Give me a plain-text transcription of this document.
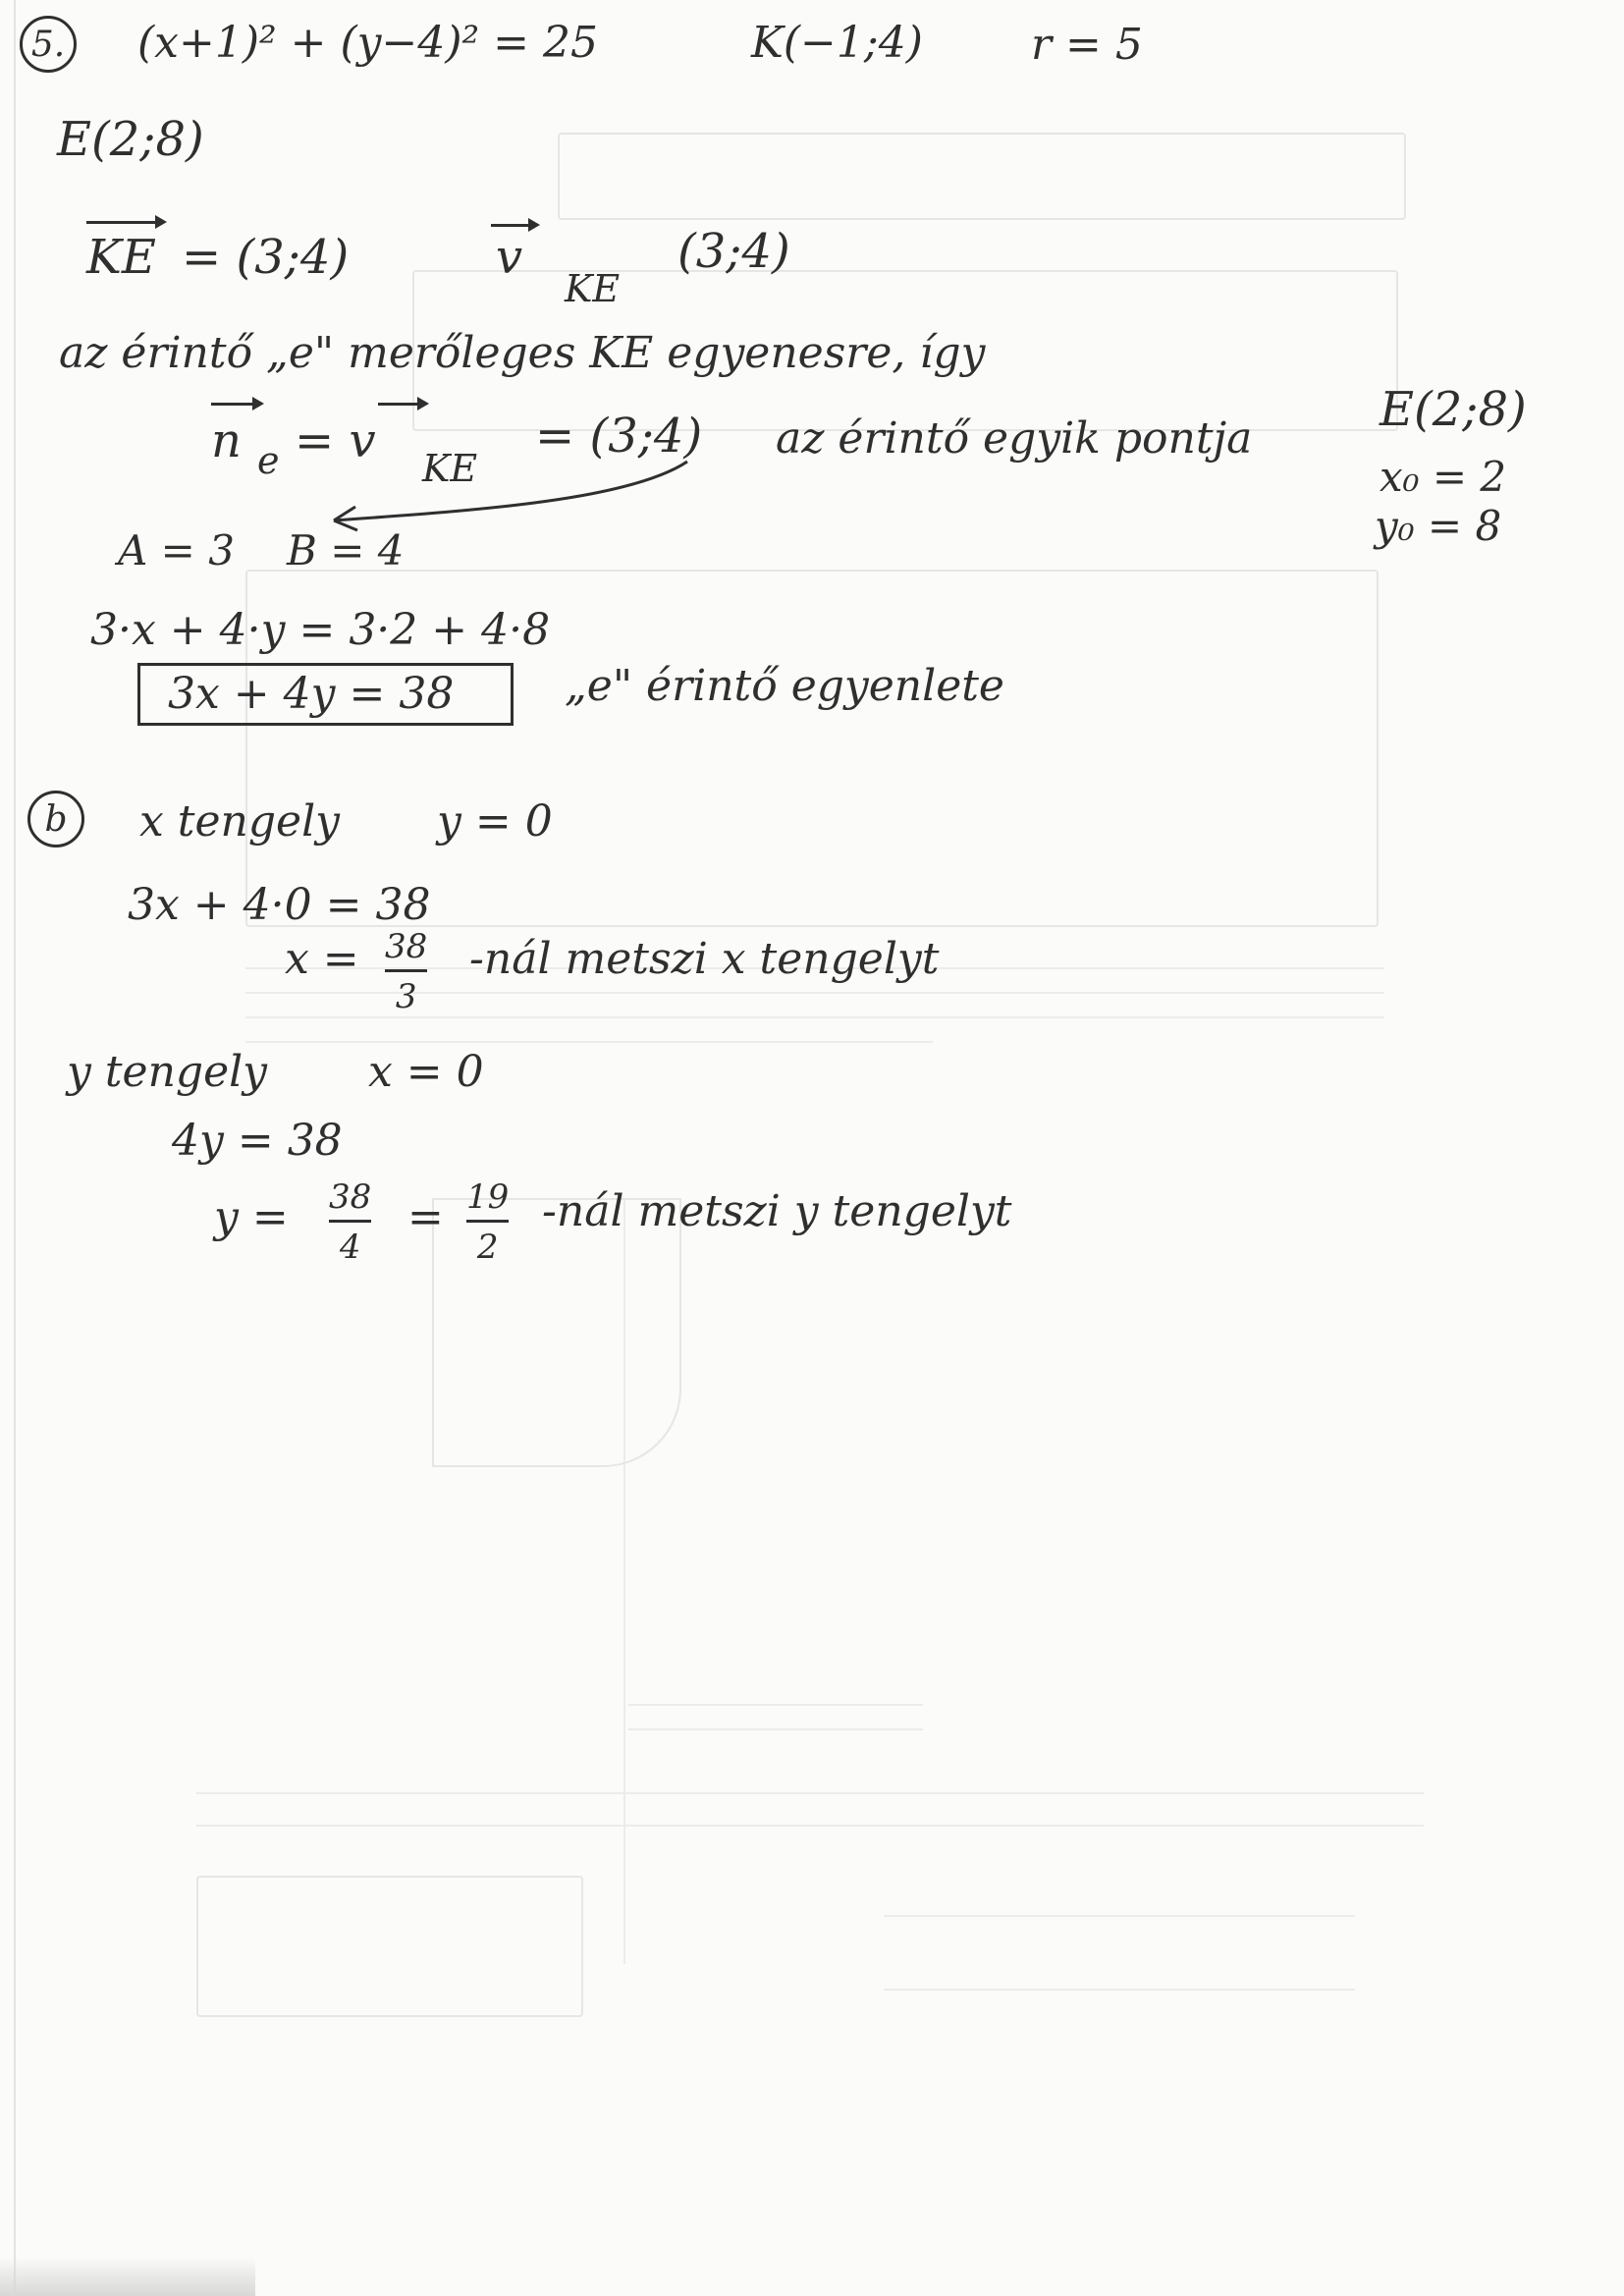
5. (x+1)² + (y−4)² = 25	K(−1;4)	r = 5
E(2;8)
KE = (3;4)	v
KE
(3;4)
az érintő „e" merőleges KE egyenesre, így
n e = v KE
= (3;4) az érintő egyik pontja
E(2;8)
x₀ = 2
y₀ = 8
A = 3 B = 4
3·x + 4·y = 3·2 + 4·8
3x + 4y = 38	„e" érintő egyenlete
b x tengely y = 0
3x + 4·0 = 38
x = 38
3
-nál metszi x tengelyt
y tengely x = 0
4y = 38
y = 38
4
= 19
2
-nál metszi y tengelyt
